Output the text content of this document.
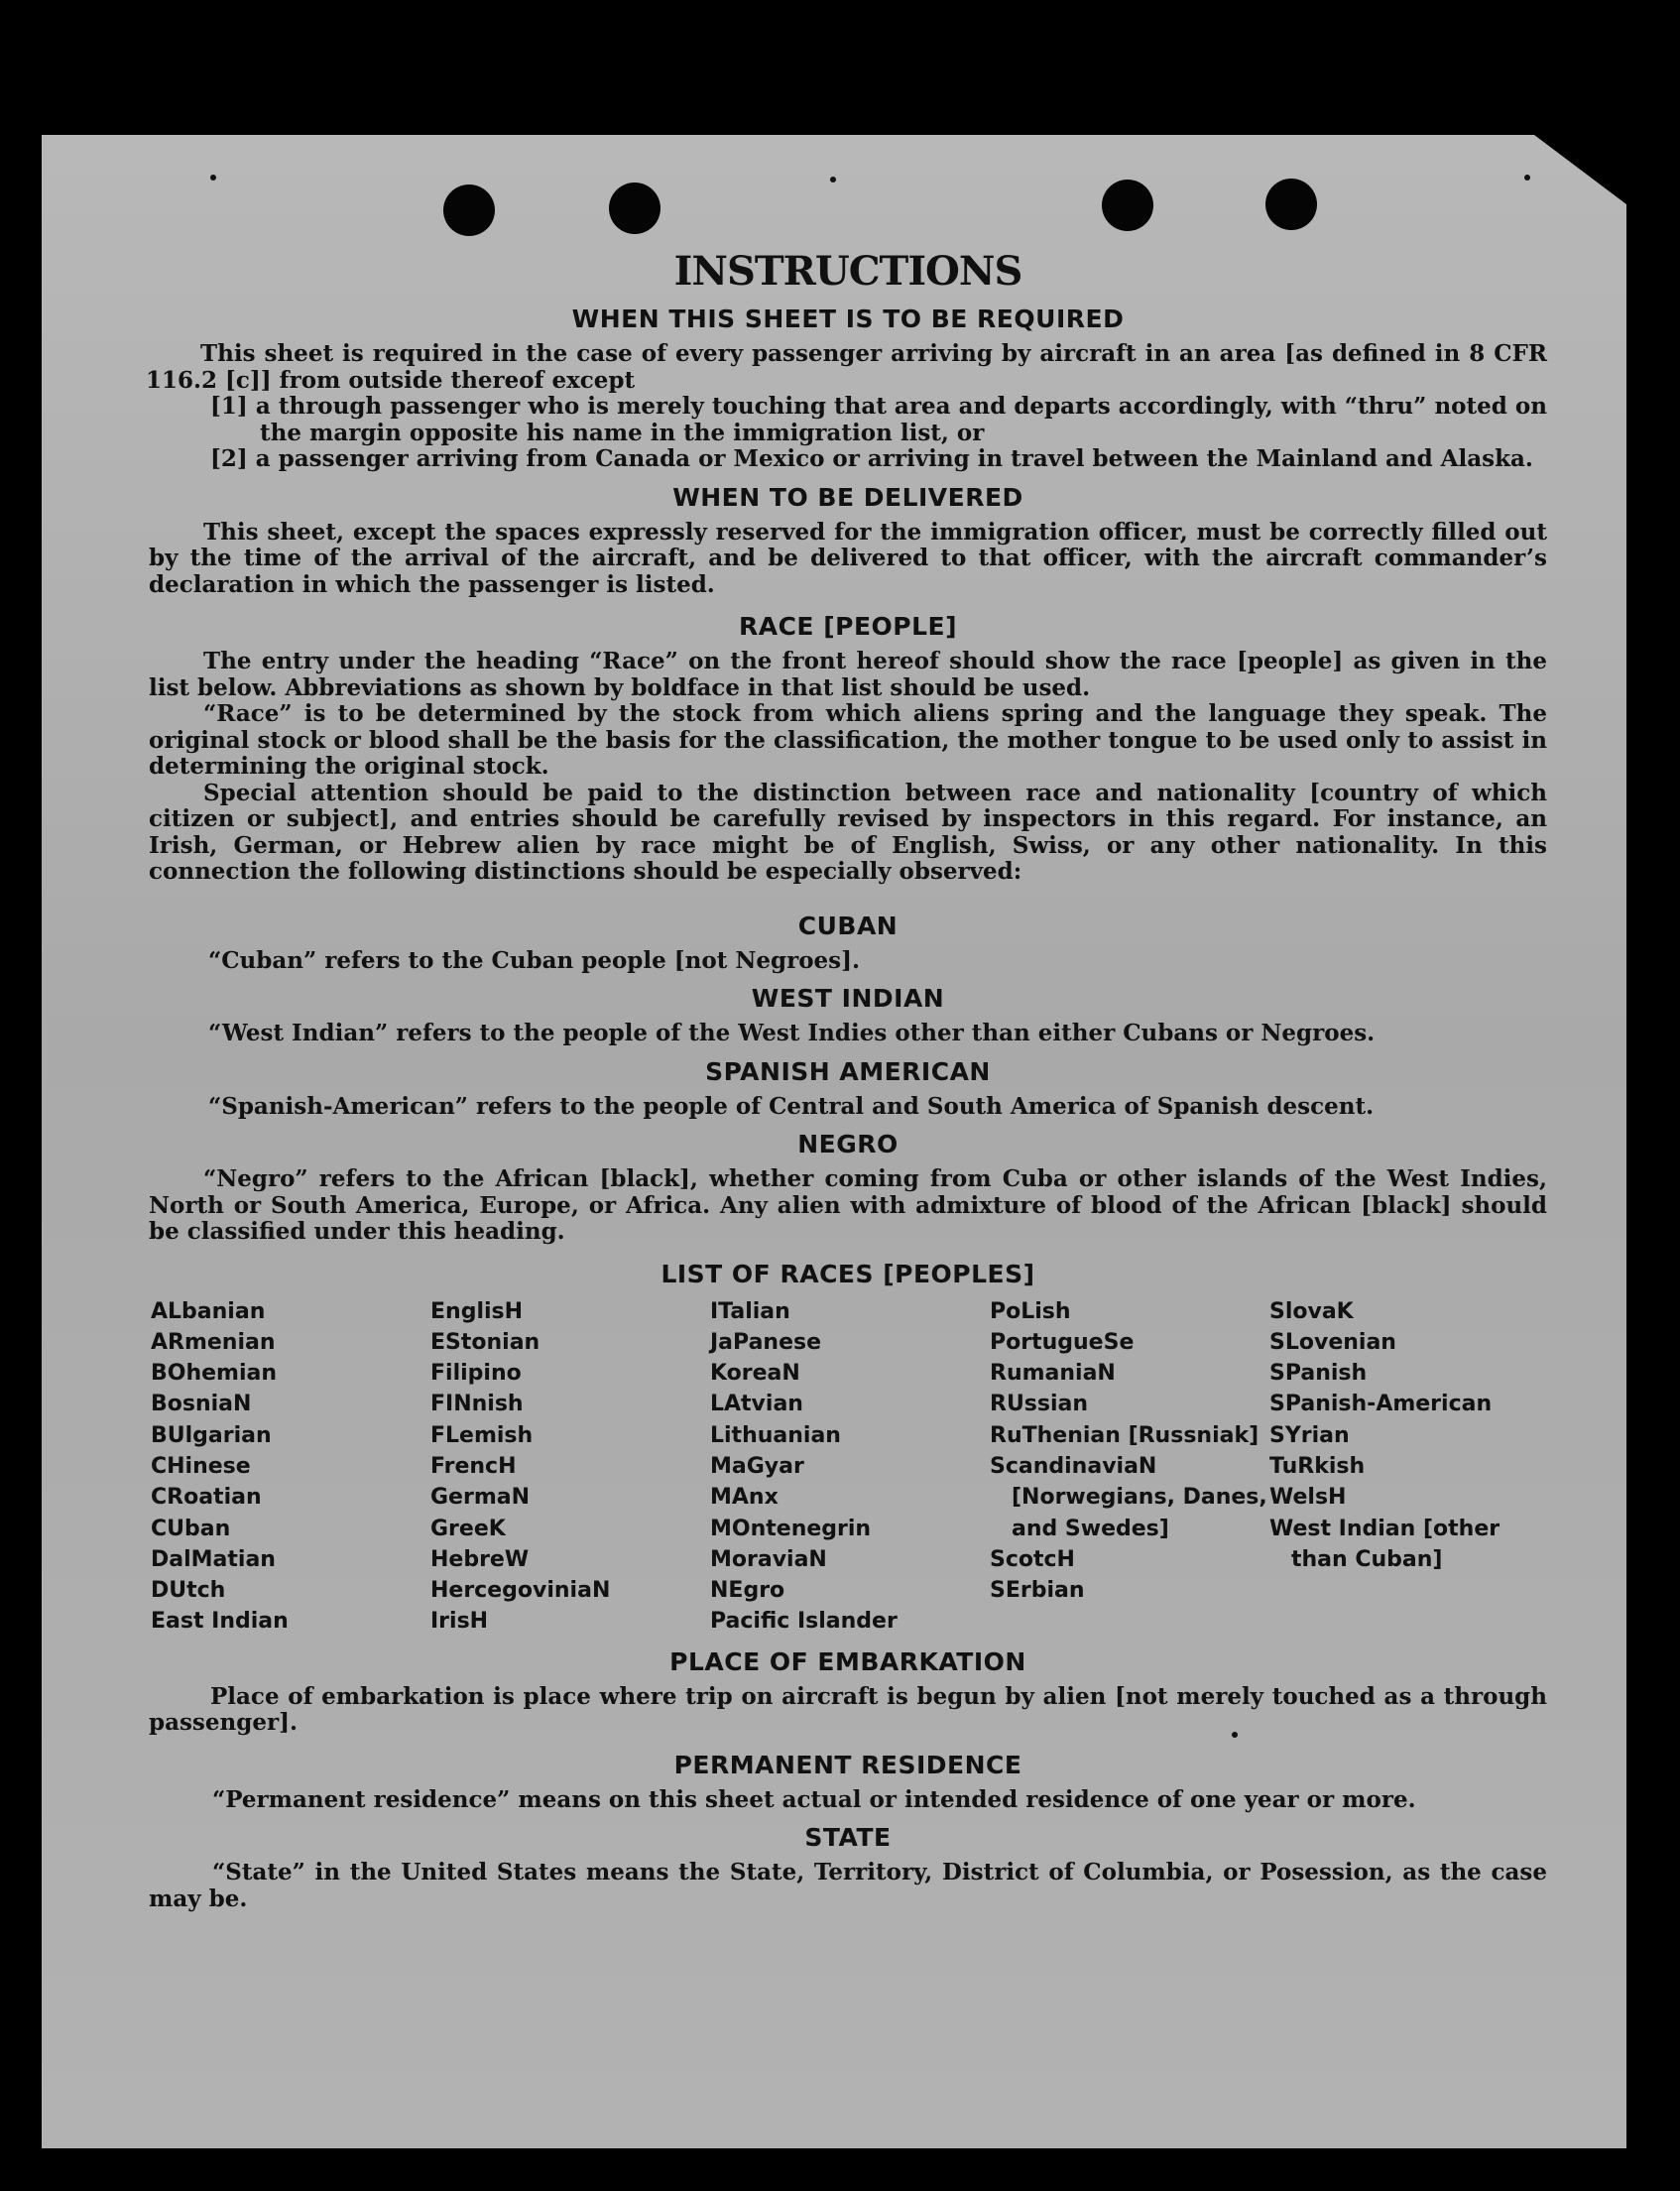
INSTRUCTIONS
WHEN THIS SHEET IS TO BE REQUIRED

This sheet is required in the case of every passenger arriving by aircraft in an area [as defined in 8 CFR 116.2 [c]] from outside thereof except

[1] a through passenger who is merely touching that area and departs accordingly, with “thru” noted on the margin opposite his name in the immigration list, or

[2] a passenger arriving from Canada or Mexico or arriving in travel between the Mainland and Alaska.

WHEN TO BE DELIVERED

This sheet, except the spaces expressly reserved for the immigration officer, must be correctly filled out by the time of the arrival of the aircraft, and be delivered to that officer, with the aircraft commander’s declaration in which the passenger is listed.

RACE [PEOPLE]

The entry under the heading “Race” on the front hereof should show the race [people] as given in the list below. Abbreviations as shown by boldface in that list should be used.

“Race” is to be determined by the stock from which aliens spring and the language they speak. The original stock or blood shall be the basis for the classification, the mother tongue to be used only to assist in determining the original stock.

Special attention should be paid to the distinction between race and nationality [country of which citizen or subject], and entries should be carefully revised by inspectors in this regard. For instance, an Irish, German, or Hebrew alien by race might be of English, Swiss, or any other nationality. In this connection the following distinctions should be especially observed:

CUBAN

“Cuban” refers to the Cuban people [not Negroes].

WEST INDIAN

“West Indian” refers to the people of the West Indies other than either Cubans or Negroes.

SPANISH AMERICAN

“Spanish-American” refers to the people of Central and South America of Spanish descent.

NEGRO

“Negro” refers to the African [black], whether coming from Cuba or other islands of the West Indies, North or South America, Europe, or Africa. Any alien with admixture of blood of the African [black] should be classified under this heading.

LIST OF RACES [PEOPLES]
ALbanian
ARmenian
BOhemian
BosniaN
BUlgarian
CHinese
CRoatian
CUban
DalMatian
DUtch
East Indian
EnglisH
EStonian
Filipino
FINnish
FLemish
FrencH
GermaN
GreeK
HebreW
HercegoviniaN
IrisH
ITalian
JaPanese
KoreaN
LAtvian
Lithuanian
MaGyar
MAnx
MOntenegrin
MoraviaN
NEgro
Pacific Islander
PoLish
PortugueSe
RumaniaN
RUssian
RuThenian [Russniak]
ScandinaviaN [Norwegians, Danes, and Swedes]
ScotcH
SErbian
SlovaK
SLovenian
SPanish
SPanish-American
SYrian
TuRkish
WelsH
West Indian [other than Cuban]
PLACE OF EMBARKATION

Place of embarkation is place where trip on aircraft is begun by alien [not merely touched as a through passenger].

PERMANENT RESIDENCE

“Permanent residence” means on this sheet actual or intended residence of one year or more.

STATE

“State” in the United States means the State, Territory, District of Columbia, or Posession, as the case may be.
